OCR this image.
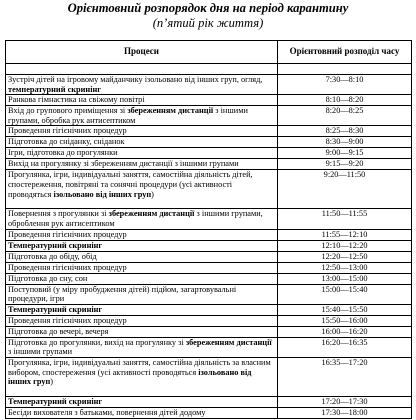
Орієнтовний розпорядок дня на період карантину
(п’ятий рік життя)
Процеси	Орієнтовний розподіл часу

Зустріч дітей на ігровому майданчику ізольовано від інших груп, огляд, температурний скринінг	7:30—8:10
Ранкова гімнастика на свіжому повітрі	8:10—8:20
Вхід до групового приміщення зі збереженням дистанції з іншими групами, обробка рук антисептиком	8:20—8:25
Проведення гігієнічних процедур	8:25—8:30
Підготовка до сніданку, сніданок	8:30—9:00
Ігри, підготовка до прогулянки	9:00—9:15
Вихід на прогулянку зі збереженням дистанції з іншими групами	9:15—9:20
Прогулянка, ігри, індивідуальні заняття, самостійна діяльність дітей, спостереження, повітряні та сонячні процедури (усі активності проводяться ізольовано від інших груп)	9:20—11:50
Повернення з прогулянки зі збереженням дистанції з іншими групами, оброблення рук антисептиком	11:50—11:55
Проведення гігієнічних процедур	11:55—12:10
Температурний скринінг	12:10—12:20
Підготовка до обіду, обід	12:20—12:50
Проведення гігієнічних процедур	12:50—13:00
Підготовка до сну, сон	13:00—15:00
Поступовий (у міру пробудження дітей) підйом, загартовувальні процедури, ігри	15:00—15:40
Температурний скринінг	15:40—15:50
Проведення гігієнічних процедур	15:50—16:00
Підготовка до вечері, вечеря	16:00—16:20
Підготовка до прогулянки, вихід на прогулянку зі збереженням дистанції з іншими групами	16:20—16:35
Прогулянка, ігри, індивідуальні заняття, самостійна діяльність за власним вибором, спостереження (усі активності проводяться ізольовано від інших груп)	16:35—17:20
Температурний скринінг	17:20—17:30
Бесіди вихователя з батьками, повернення дітей додому	17:30—18:00
